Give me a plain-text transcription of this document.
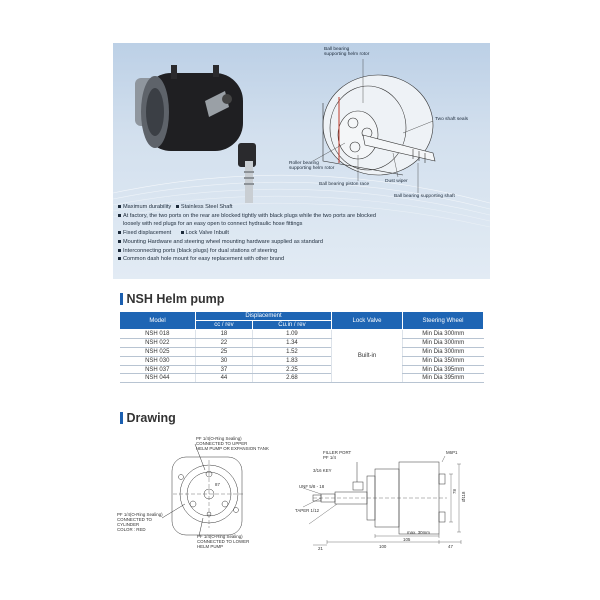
Ball bearing
supporting helm rotor
Two shaft seals
Roller bearing
supporting helm rotor
Dust wiper
Ball bearing piston race
Ball bearing supporting shaft
Maximum durability Stainless Steel Shaft
At factory, the two ports on the rear are blocked tightly with black plugs while the two ports are blocked
loosely with red plugs for an easy open to connect hydraulic hose fittings
Fixed displacement	Lock Valve Inbuilt
Mounting Hardware and steering wheel mounting hardware supplied as standard
Interconnecting ports (black plugs) for dual stations of steering
Common dash hole mount for easy replacement with other brand
NSH Helm pump
Model	Displacement		Lock Valve	Steering Wheel
	cc / rev	Cu.in / rev		
NSH 018	18	1.09	Built-in	Min Dia 300mm
NSH 022	22	1.34		Min Dia 300mm
NSH 025	25	1.52		Min Dia 300mm
NSH 030	30	1.83		Min Dia 350mm
NSH 037	37	2.25		Min Dia 395mm
NSH 044	44	2.68		Min Dia 395mm
Drawing
PF 1/4(O-Ring Sealing)
CONNECTED TO UPPER
HELM PUMP OR EXPANSION TANK
PF 1/4(O-Ring Sealing)
CONNECTED TO
CYLINDER
COLOR : RED
PF 1/4(O-Ring Sealing)
CONNECTED TO LOWER
HELM PUMP
FILLER PORT
PF 1/4
3/16 KEY
UNF 5/8 - 18
TAPER 1/12
M6P1
max. 30mm
105
100	47
21
78
Ø118
87
